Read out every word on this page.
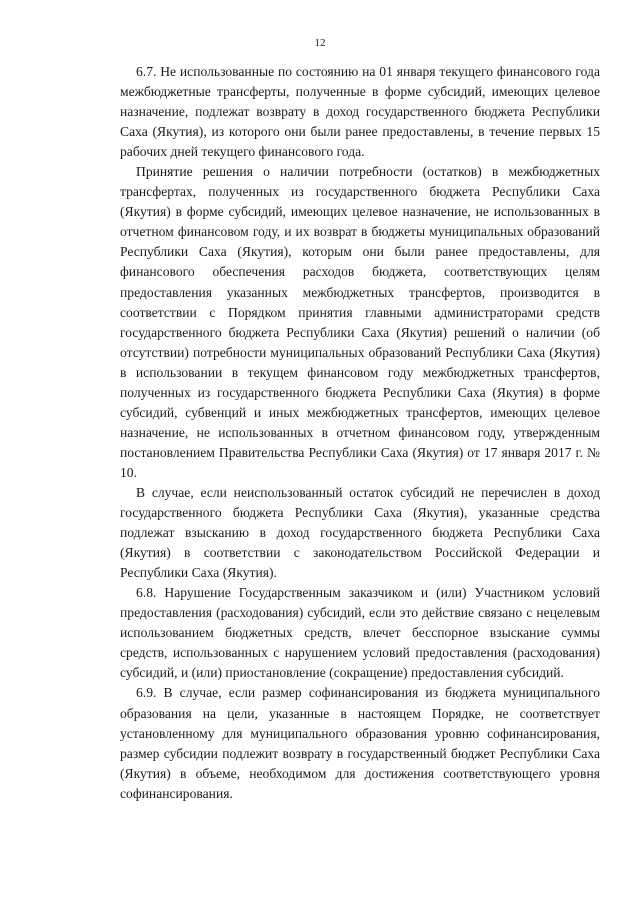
12

6.7. Не использованные по состоянию на 01 января текущего финансового года межбюджетные трансферты, полученные в форме субсидий, имеющих целевое назначение, подлежат возврату в доход государственного бюджета Республики Саха (Якутия), из которого они были ранее предоставлены, в течение первых 15 рабочих дней текущего финансового года.

Принятие решения о наличии потребности (остатков) в межбюджетных трансфертах, полученных из государственного бюджета Республики Саха (Якутия) в форме субсидий, имеющих целевое назначение, не использованных в отчетном финансовом году, и их возврат в бюджеты муниципальных образований Республики Саха (Якутия), которым они были ранее предоставлены, для финансового обеспечения расходов бюджета, соответствующих целям предоставления указанных межбюджетных трансфертов, производится в соответствии с Порядком принятия главными администраторами средств государственного бюджета Республики Саха (Якутия) решений о наличии (об отсутствии) потребности муниципальных образований Республики Саха (Якутия) в использовании в текущем финансовом году межбюджетных трансфертов, полученных из государственного бюджета Республики Саха (Якутия) в форме субсидий, субвенций и иных межбюджетных трансфертов, имеющих целевое назначение, не использованных в отчетном финансовом году, утвержденным постановлением Правительства Республики Саха (Якутия) от 17 января 2017 г. № 10.

В случае, если неиспользованный остаток субсидий не перечислен в доход государственного бюджета Республики Саха (Якутия), указанные средства подлежат взысканию в доход государственного бюджета Республики Саха (Якутия) в соответствии с законодательством Российской Федерации и Республики Саха (Якутия).

6.8. Нарушение Государственным заказчиком и (или) Участником условий предоставления (расходования) субсидий, если это действие связано с нецелевым использованием бюджетных средств, влечет бесспорное взыскание суммы средств, использованных с нарушением условий предоставления (расходования) субсидий, и (или) приостановление (сокращение) предоставления субсидий.

6.9. В случае, если размер софинансирования из бюджета муниципального образования на цели, указанные в настоящем Порядке, не соответствует установленному для муниципального образования уровню софинансирования, размер субсидии подлежит возврату в государственный бюджет Республики Саха (Якутия) в объеме, необходимом для достижения соответствующего уровня софинансирования.
